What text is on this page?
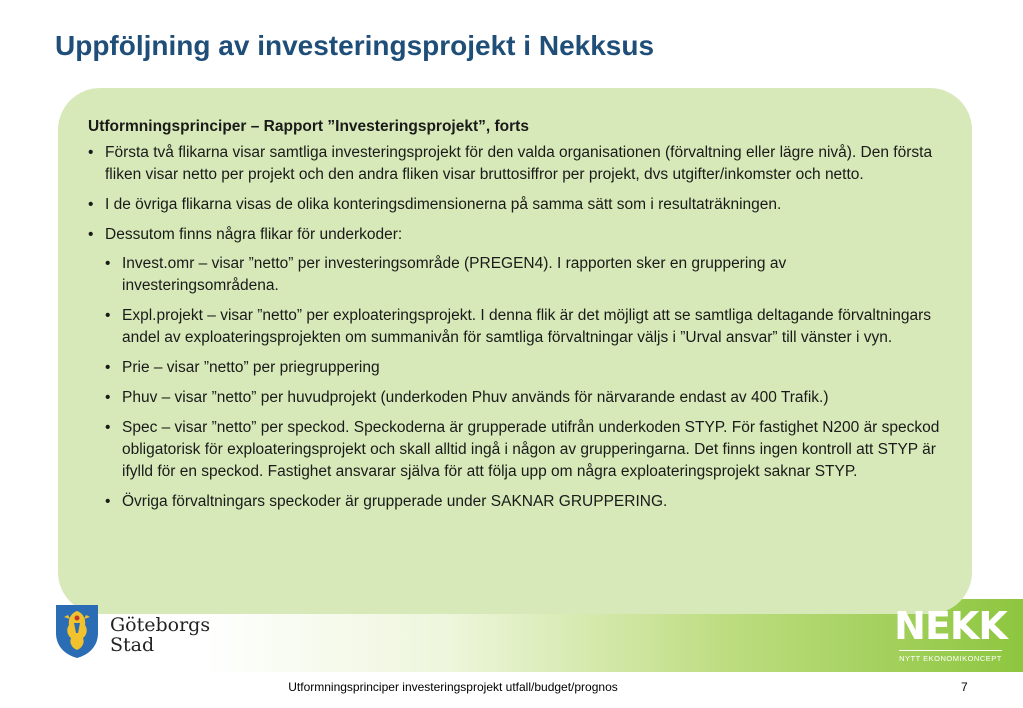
Uppföljning av investeringsprojekt i Nekksus

Utformningsprinciper – Rapport ”Investeringsprojekt”, forts

• Första två flikarna visar samtliga investeringsprojekt för den valda organisationen (förvaltning eller lägre nivå). Den första fliken visar netto per projekt och den andra fliken visar bruttosiffror per projekt, dvs utgifter/inkomster och netto.
• I de övriga flikarna visas de olika konteringsdimensionerna på samma sätt som i resultaträkningen.
• Dessutom finns några flikar för underkoder:
• Invest.omr – visar ”netto” per investeringsområde (PREGEN4). I rapporten sker en gruppering av investeringsområdena.
• Expl.projekt – visar ”netto” per exploateringsprojekt. I denna flik är det möjligt att se samtliga deltagande förvaltningars andel av exploateringsprojekten om summanivån för samtliga förvaltningar väljs i ”Urval ansvar” till vänster i vyn.
• Prie – visar ”netto” per priegruppering
• Phuv – visar ”netto” per huvudprojekt (underkoden Phuv används för närvarande endast av 400 Trafik.)
• Spec – visar ”netto” per speckod. Speckoderna är grupperade utifrån underkoden STYP. För fastighet N200 är speckod obligatorisk för exploateringsprojekt och skall alltid ingå i någon av grupperingarna. Det finns ingen kontroll att STYP är ifylld för en speckod. Fastighet ansvarar själva för att följa upp om några exploateringsprojekt saknar STYP.
• Övriga förvaltningars speckoder är grupperade under SAKNAR GRUPPERING.
Göteborgs
Stad	NEKK
NYTT EKONOMIKONCEPT
Utformningsprinciper investeringsprojekt utfall/budget/prognos	7
